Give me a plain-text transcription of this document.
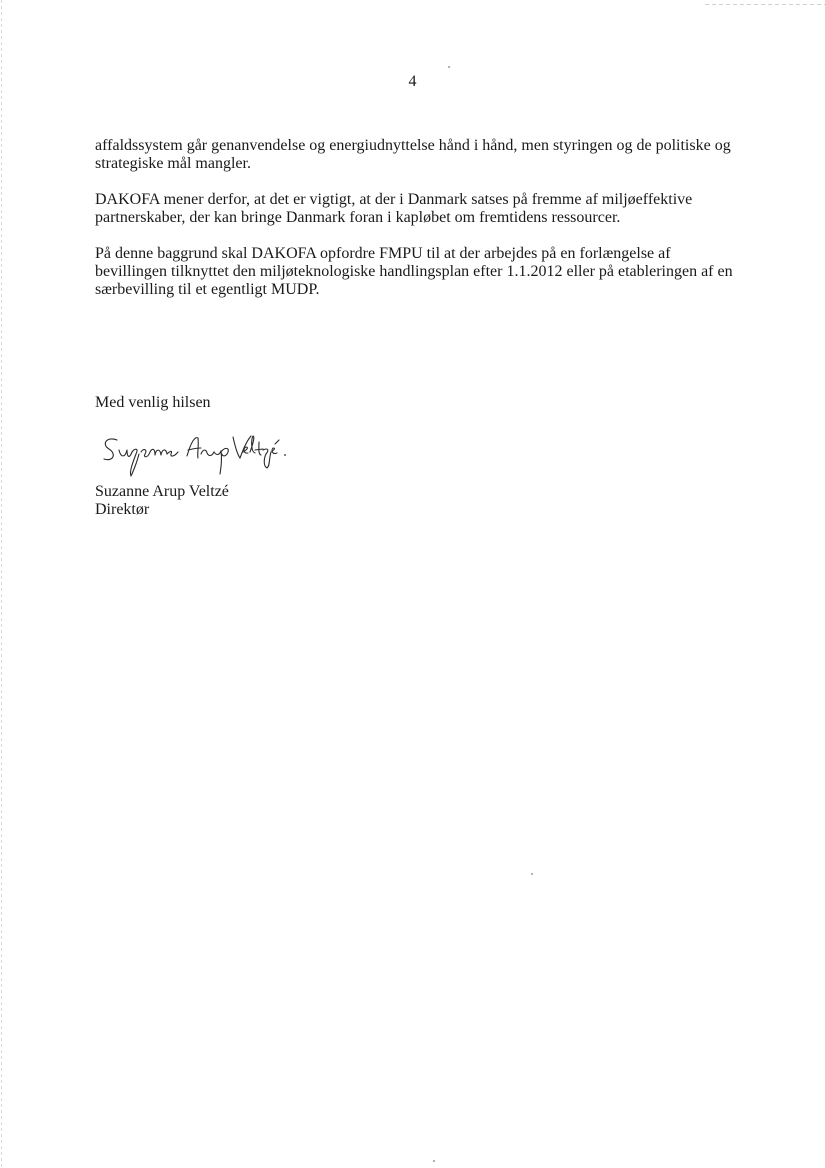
4

affaldssystem går genanvendelse og energiudnyttelse hånd i hånd, men styringen og de politiske og
strategiske mål mangler.

DAKOFA mener derfor, at det er vigtigt, at der i Danmark satses på fremme af miljøeffektive
partnerskaber, der kan bringe Danmark foran i kapløbet om fremtidens ressourcer.

På denne baggrund skal DAKOFA opfordre FMPU til at der arbejdes på en forlængelse af
bevillingen tilknyttet den miljøteknologiske handlingsplan efter 1.1.2012 eller på etableringen af en
særbevilling til et egentligt MUDP.

Med venlig hilsen
Suzanne Arup Veltzé
Direktør
